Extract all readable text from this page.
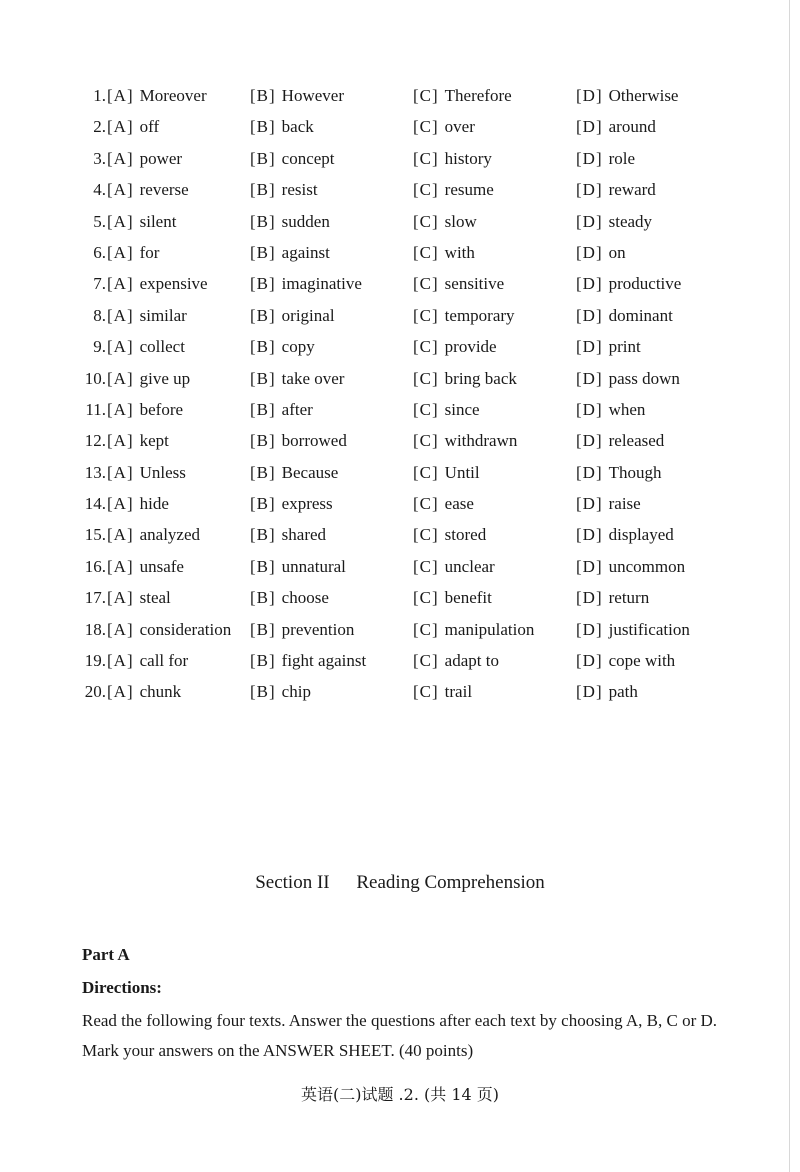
1. [A] Moreover	[B] However	[C] Therefore	[D] Otherwise
2. [A] off	[B] back	[C] over	[D] around
3. [A] power	[B] concept	[C] history	[D] role
4. [A] reverse	[B] resist	[C] resume	[D] reward
5. [A] silent	[B] sudden	[C] slow	[D] steady
6. [A] for	[B] against	[C] with	[D] on
7. [A] expensive [B] imaginative	[C] sensitive	[D] productive
8. [A] similar	[B] original	[C] temporary	[D] dominant
9. [A] collect	[B] copy	[C] provide	[D] print
10. [A] give up	[B] take over	[C] bring back	[D] pass down
11. [A] before	[B] after	[C] since	[D] when
12. [A] kept	[B] borrowed	[C] withdrawn	[D] released
13. [A] Unless	[B] Because	[C] Until	[D] Though
14. [A] hide	[B] express	[C] ease	[D] raise
15. [A] analyzed	[B] shared	[C] stored	[D] displayed
16. [A] unsafe	[B] unnatural	[C] unclear	[D] uncommon
17. [A] steal	[B] choose	[C] benefit	[D] return
18. [A] consideration [B] prevention	[C] manipulation [D] justification
19. [A] call for	[B] fight against	[C] adapt to	[D] cope with
20. [A] chunk	[B] chip	[C] trail	[D] path
Section II Reading Comprehension
Part A
Directions:
Read the following four texts. Answer the questions after each text by choosing A, B, C or D. Mark your answers on the ANSWER SHEET. (40 points)
英语(二)试题 .2. (共 14 页)
